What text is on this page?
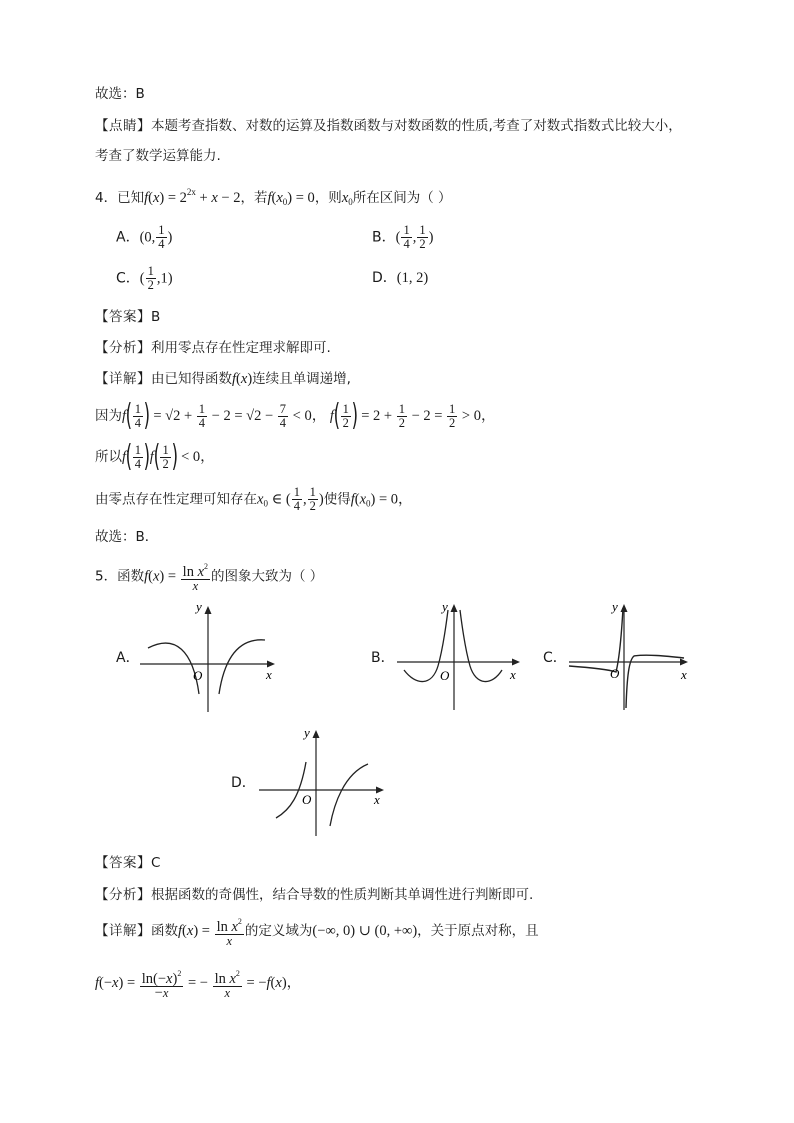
故选：B
【点睛】本题考查指数、对数的运算及指数函数与对数函数的性质,考查了对数式指数式比较大小，
考查了数学运算能力.
4．已知$f(x) = 2^{2x} + x - 2$，若$f(x_0) = 0$，则$x_0$所在区间为（ ）
A．(0, $\frac{1}{4}$ )	B．( $\frac{1}{4}$ , $\frac{1}{2}$ )
C．( $\frac{1}{2} ,1$)	D．(1, 2)
【答案】B
【分析】利用零点存在性定理求解即可.
【详解】由已知得函数f(x)连续且单调递增,
因为$f( \frac{1}{4}$ ) = $√2 + \frac{1}{4} - 2 = √2 - \frac{7}{4} < 0$， $f( \frac{1}{2}$ ) = $2 + \frac{1}{2} - 2 = \frac{1}{2} > 0$，
所以$f( \frac{1}{4} )f( \frac{1}{2}$ ) < 0，
由零点存在性定理可知存在$x_0$ ∈ ( $\frac{1}{4}$ , $\frac{1}{2}$ )使得$f(x_0) = 0$，
故选：B．
5．函数$f(x) = \frac{\ln x^2}{x}$ 的图象大致为（ ）
A．
O	x
y
B．
O	x
y
C．
O	x
y
D．
O	x
y
【答案】C
【分析】根据函数的奇偶性，结合导数的性质判断其单调性进行判断即可.
【详解】函数$f(x) = \frac{\ln x^2}{x}$ 的定义域为(−∞, 0) ∪ (0, +∞)，关于原点对称，且
$f(-x) = \frac{\ln(-x)^2}{-x}$ = − $\frac{\ln x^2}{x} = -f(x)$，
